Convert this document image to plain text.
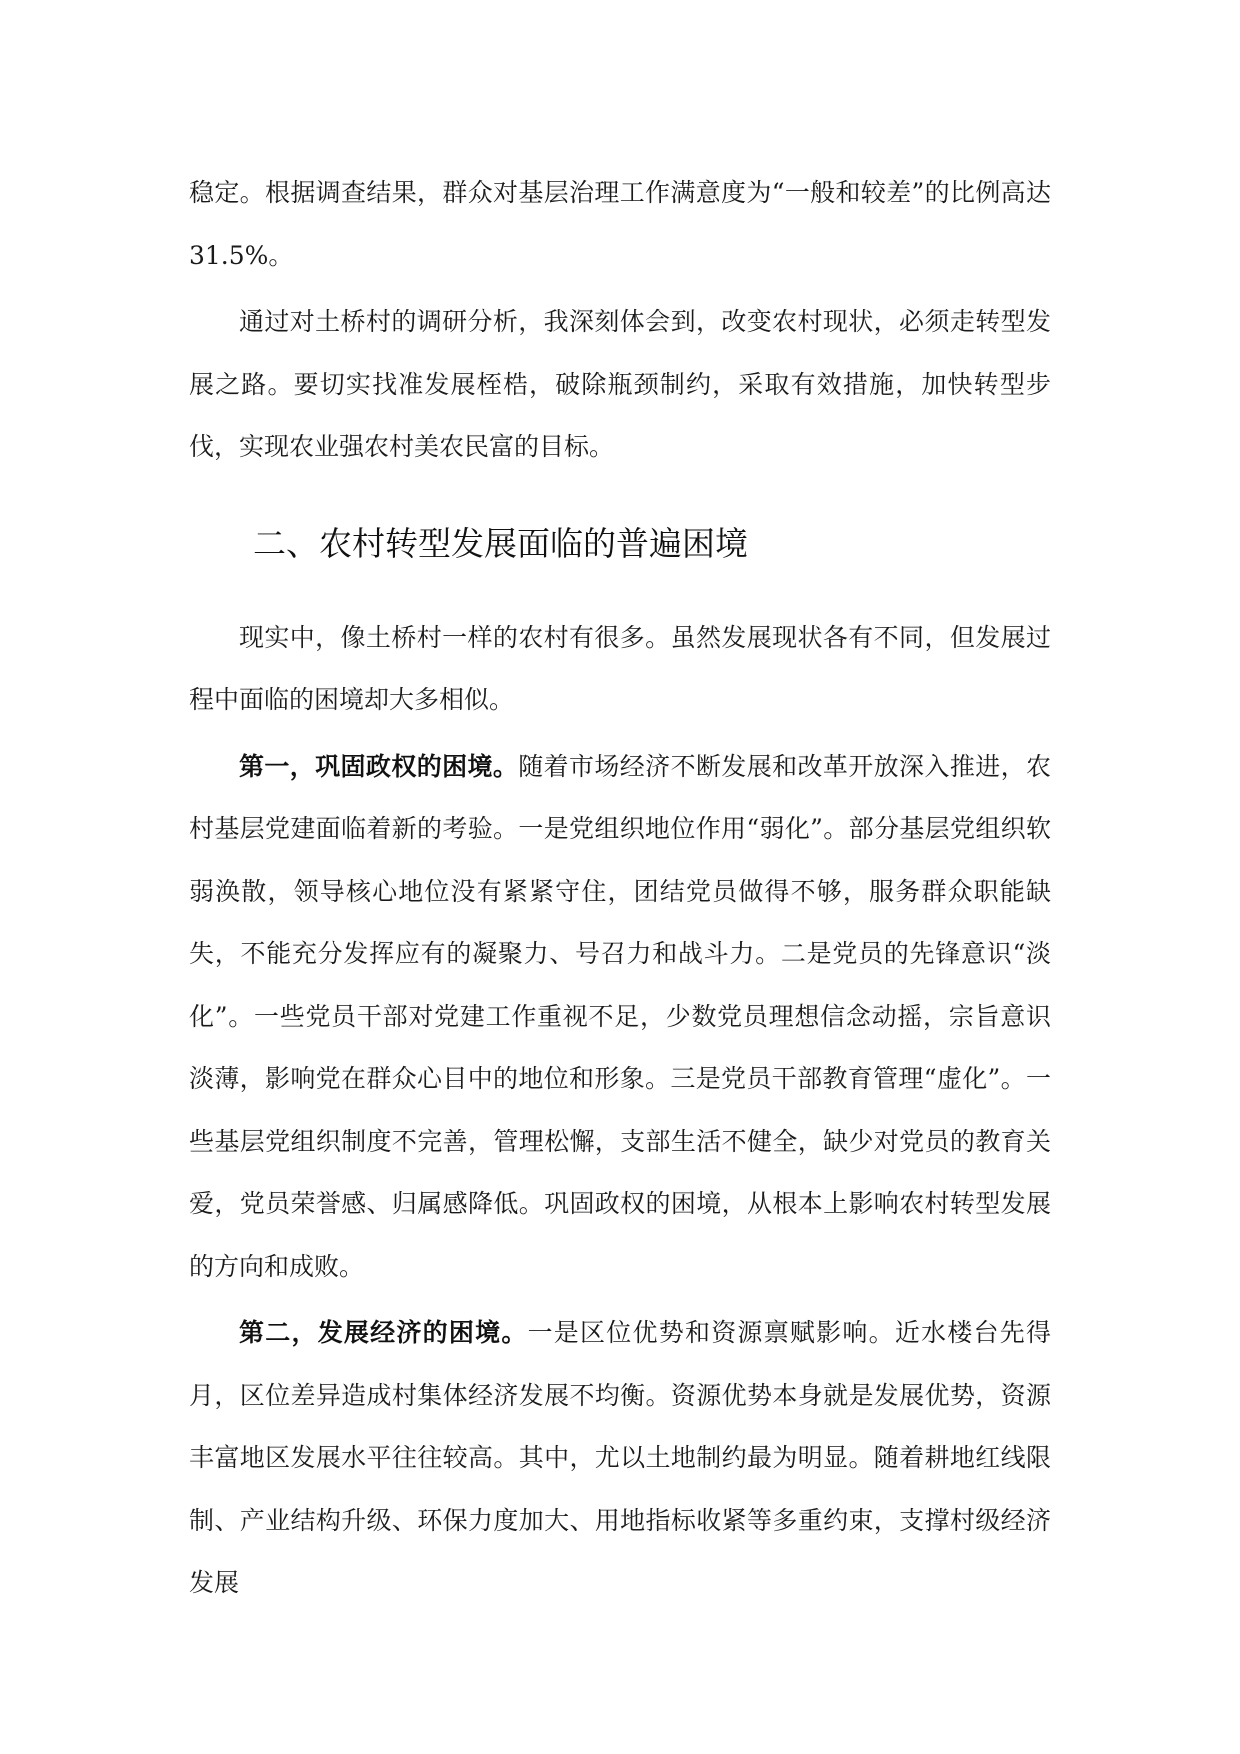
稳定。根据调查结果，群众对基层治理工作满意度为“一般和较差”的比例高达31.5%。

通过对土桥村的调研分析，我深刻体会到，改变农村现状，必须走转型发展之路。要切实找准发展桎梏，破除瓶颈制约，采取有效措施，加快转型步伐，实现农业强农村美农民富的目标。

二、农村转型发展面临的普遍困境

现实中，像土桥村一样的农村有很多。虽然发展现状各有不同，但发展过程中面临的困境却大多相似。

第一，巩固政权的困境。随着市场经济不断发展和改革开放深入推进，农村基层党建面临着新的考验。一是党组织地位作用“弱化”。部分基层党组织软弱涣散，领导核心地位没有紧紧守住，团结党员做得不够，服务群众职能缺失，不能充分发挥应有的凝聚力、号召力和战斗力。二是党员的先锋意识“淡化”。一些党员干部对党建工作重视不足，少数党员理想信念动摇，宗旨意识淡薄，影响党在群众心目中的地位和形象。三是党员干部教育管理“虚化”。一些基层党组织制度不完善，管理松懈，支部生活不健全，缺少对党员的教育关爱，党员荣誉感、归属感降低。巩固政权的困境，从根本上影响农村转型发展的方向和成败。

第二，发展经济的困境。一是区位优势和资源禀赋影响。近水楼台先得月，区位差异造成村集体经济发展不均衡。资源优势本身就是发展优势，资源丰富地区发展水平往往较高。其中，尤以土地制约最为明显。随着耕地红线限制、产业结构升级、环保力度加大、用地指标收紧等多重约束，支撑村级经济发展
